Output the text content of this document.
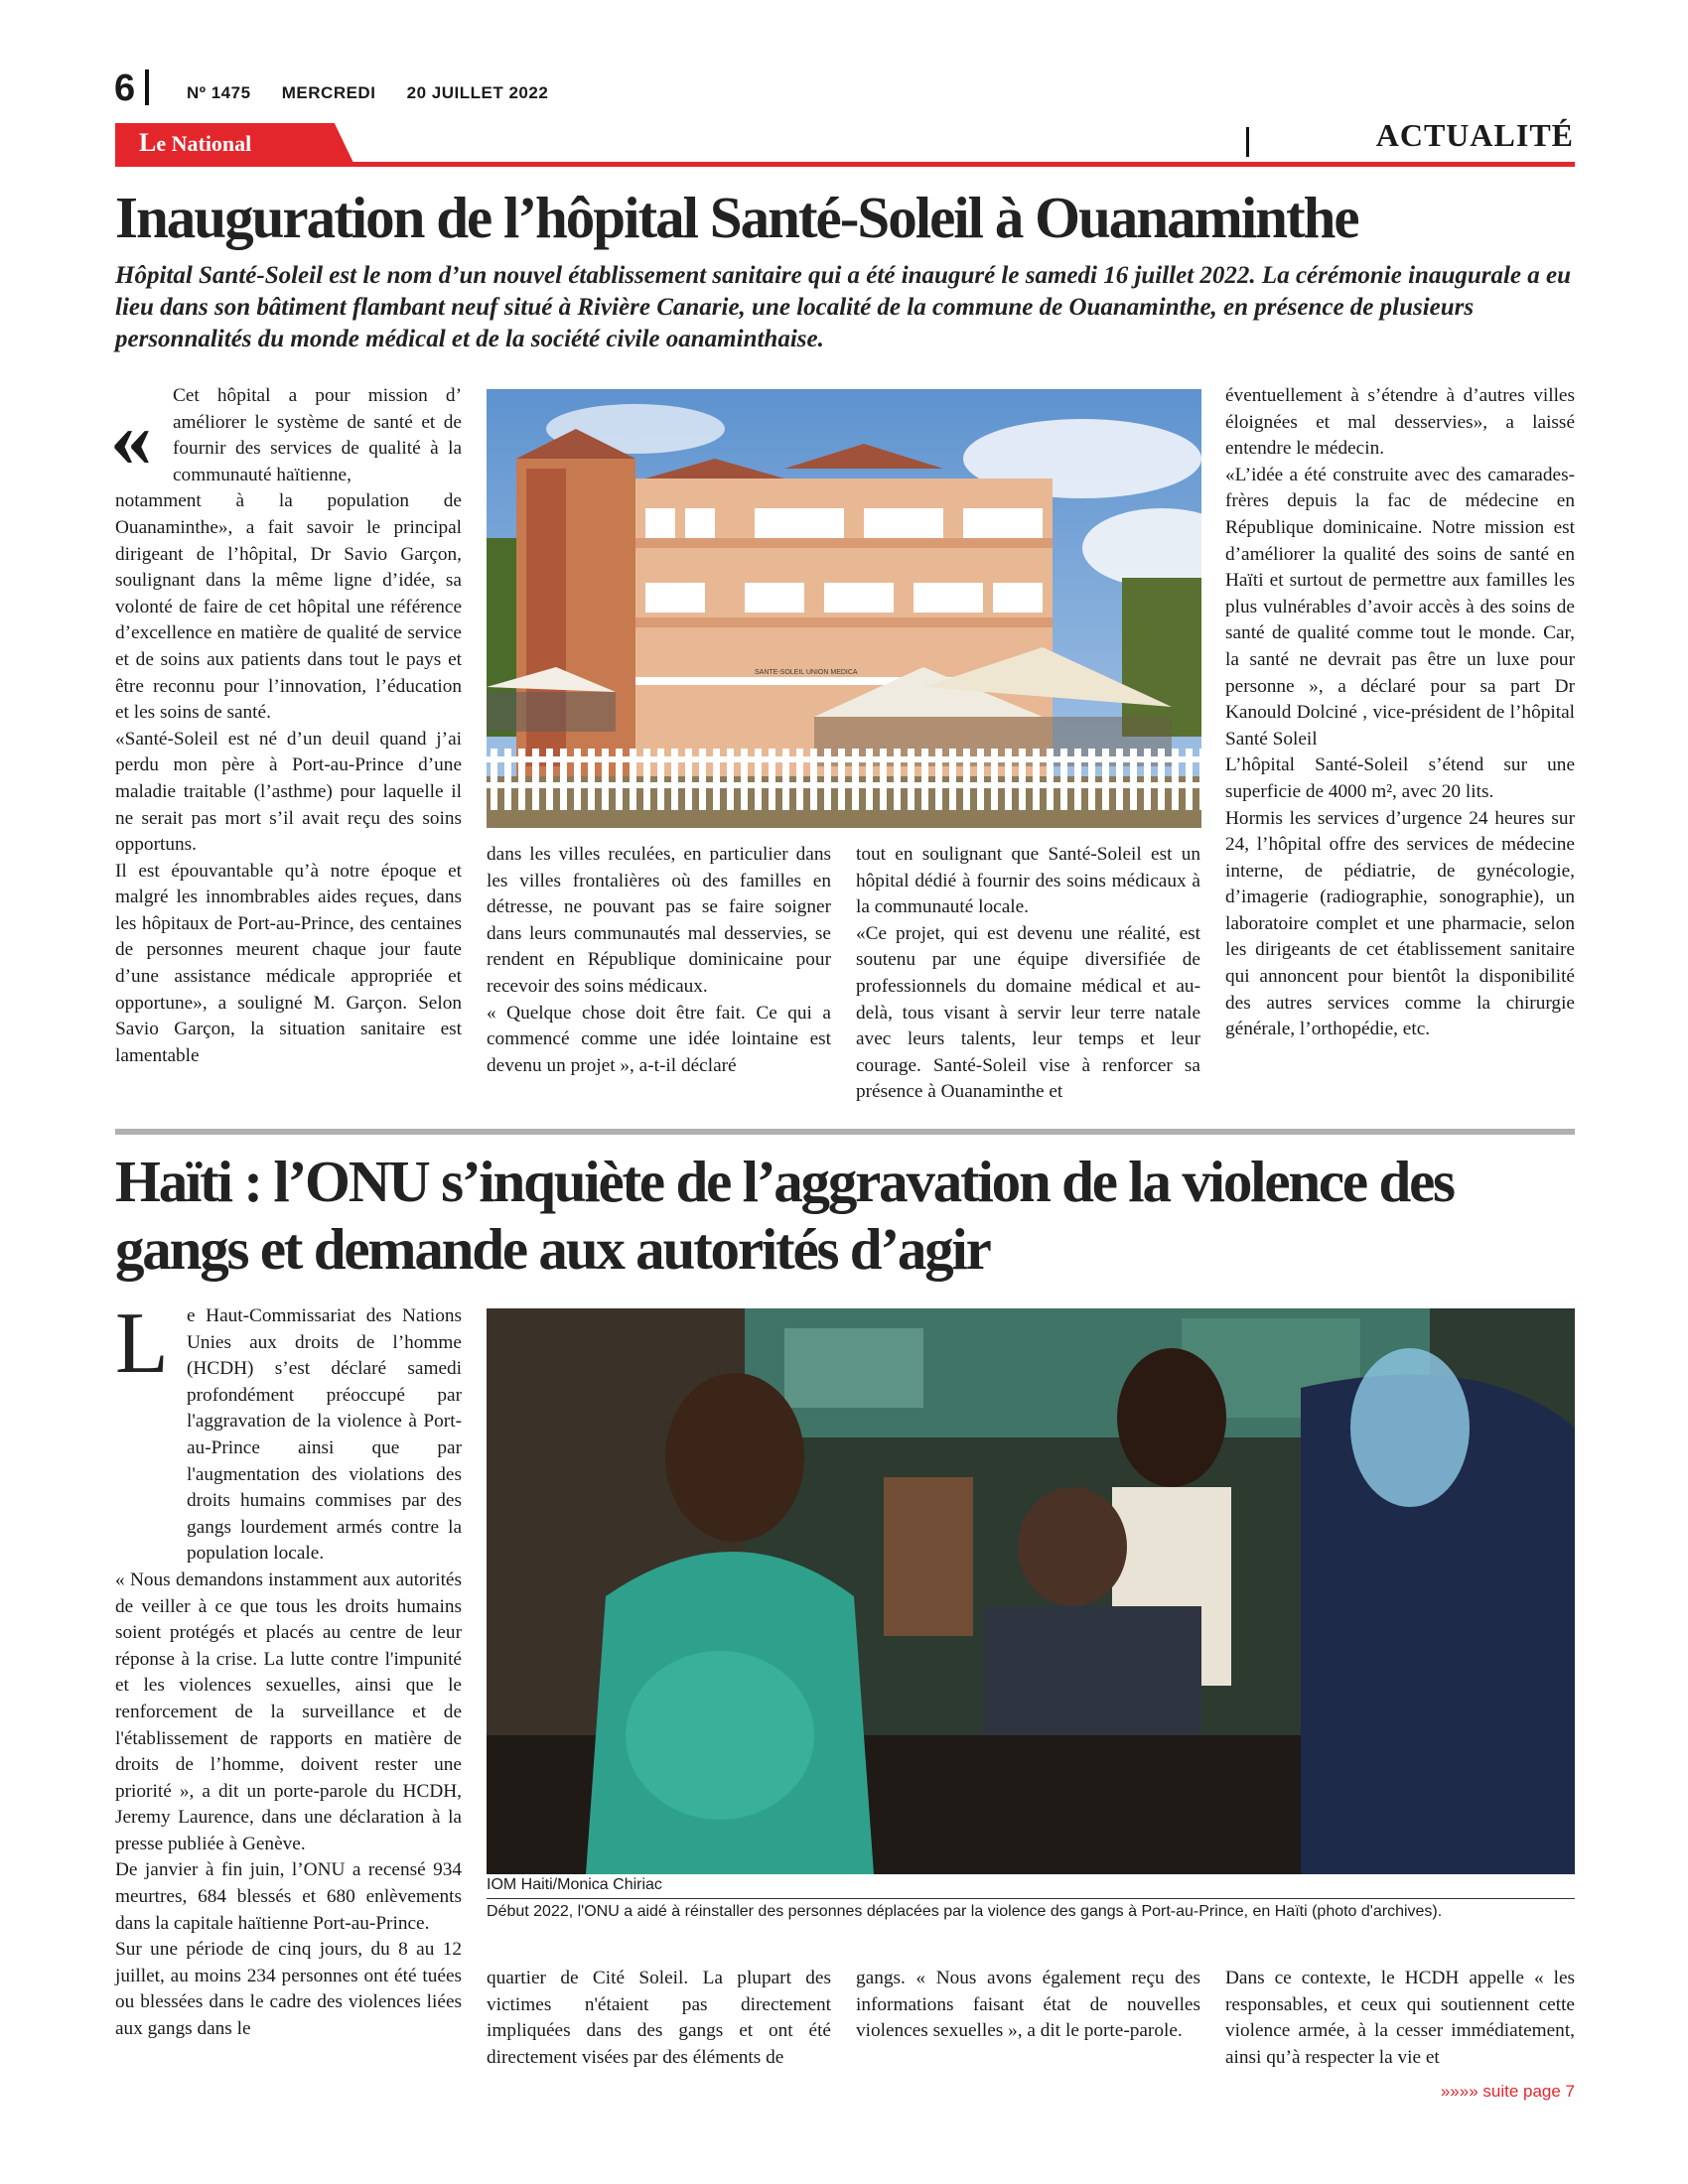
6	Nº 1475 MERCREDI 20 JUILLET 2022
Le National	ACTUALITÉ
Inauguration de l’hôpital Santé-Soleil à Ouanaminthe
Hôpital Santé-Soleil est le nom d’un nouvel établissement sanitaire qui a été inauguré le samedi 16 juillet 2022. La cérémonie inaugurale a eu lieu dans son bâtiment flambant neuf situé à Rivière Canarie, une localité de la commune de Ouanaminthe, en présence de plusieurs personnalités du monde médical et de la société civile oanaminthaise.
«	Cet hôpital a pour mission d’ améliorer le système de santé et de fournir des services de qualité à la communauté haïtienne,

notamment à la population de Ouanaminthe», a fait savoir le principal dirigeant de l’hôpital, Dr Savio Garçon, soulignant dans la même ligne d’idée, sa volonté de faire de cet hôpital une référence d’excellence en matière de qualité de service et de soins aux patients dans tout le pays et être reconnu pour l’innovation, l’éducation et les soins de santé.

«Santé-Soleil est né d’un deuil quand j’ai perdu mon père à Port-au-Prince d’une maladie traitable (l’asthme) pour laquelle il ne serait pas mort s’il avait reçu des soins opportuns.

Il est épouvantable qu’à notre époque et malgré les innombrables aides reçues, dans les hôpitaux de Port-au-Prince, des centaines de personnes meurent chaque jour faute d’une assistance médicale appropriée et opportune», a souligné M. Garçon. Selon Savio Garçon, la situation sanitaire est lamentable

SANTE-SOLEIL UNION MEDICA

dans les villes reculées, en particulier dans les villes frontalières où des familles en détresse, ne pouvant pas se faire soigner dans leurs communautés mal desservies, se rendent en République dominicaine pour recevoir des soins médicaux.

« Quelque chose doit être fait. Ce qui a commencé comme une idée lointaine est devenu un projet », a-t-il déclaré

tout en soulignant que Santé-Soleil est un hôpital dédié à fournir des soins médicaux à la communauté locale.

«Ce projet, qui est devenu une réalité, est soutenu par une équipe diversifiée de professionnels du domaine médical et au-delà, tous visant à servir leur terre natale avec leurs talents, leur temps et leur courage. Santé-Soleil vise à renforcer sa présence à Ouanaminthe et

éventuellement à s’étendre à d’autres villes éloignées et mal desservies», a laissé entendre le médecin.

«L’idée a été construite avec des camarades-frères depuis la fac de médecine en République dominicaine. Notre mission est d’améliorer la qualité des soins de santé en Haïti et surtout de permettre aux familles les plus vulnérables d’avoir accès à des soins de santé de qualité comme tout le monde. Car, la santé ne devrait pas être un luxe pour personne », a déclaré pour sa part Dr Kanould Dolciné , vice-président de l’hôpital Santé Soleil

L’hôpital Santé-Soleil s’étend sur une superficie de 4000 m², avec 20 lits.

Hormis les services d’urgence 24 heures sur 24, l’hôpital offre des services de médecine interne, de pédiatrie, de gynécologie, d’imagerie (radiographie, sonographie), un laboratoire complet et une pharmacie, selon les dirigeants de cet établissement sanitaire qui annoncent pour bientôt la disponibilité des autres services comme la chirurgie générale, l’orthopédie, etc.

Haïti : l’ONU s’inquiète de l’aggravation de la violence des gangs et demande aux autorités d’agir
L e Haut-Commissariat des Nations Unies aux droits de l’homme (HCDH) s’est déclaré samedi profondément préoccupé par l'aggravation de la violence à Port-au-Prince ainsi que par l'augmentation des violations des droits humains commises par des gangs lourdement armés contre la population locale.

« Nous demandons instamment aux autorités de veiller à ce que tous les droits humains soient protégés et placés au centre de leur réponse à la crise. La lutte contre l'impunité et les violences sexuelles, ainsi que le renforcement de la surveillance et de l'établissement de rapports en matière de droits de l’homme, doivent rester une priorité », a dit un porte-parole du HCDH, Jeremy Laurence, dans une déclaration à la presse publiée à Genève.

De janvier à fin juin, l’ONU a recensé 934 meurtres, 684 blessés et 680 enlèvements dans la capitale haïtienne Port-au-Prince.

Sur une période de cinq jours, du 8 au 12 juillet, au moins 234 personnes ont été tuées ou blessées dans le cadre des violences liées aux gangs dans le

IOM Haiti/Monica Chiriac
Début 2022, l'ONU a aidé à réinstaller des personnes déplacées par la violence des gangs à Port-au-Prince, en Haïti (photo d'archives).

quartier de Cité Soleil. La plupart des victimes n'étaient pas directement impliquées dans des gangs et ont été directement visées par des éléments de

gangs. « Nous avons également reçu des informations faisant état de nouvelles violences sexuelles », a dit le porte-parole.

Dans ce contexte, le HCDH appelle « les responsables, et ceux qui soutiennent cette violence armée, à la cesser immédiatement, ainsi qu’à respecter la vie et

»»»» suite page 7
